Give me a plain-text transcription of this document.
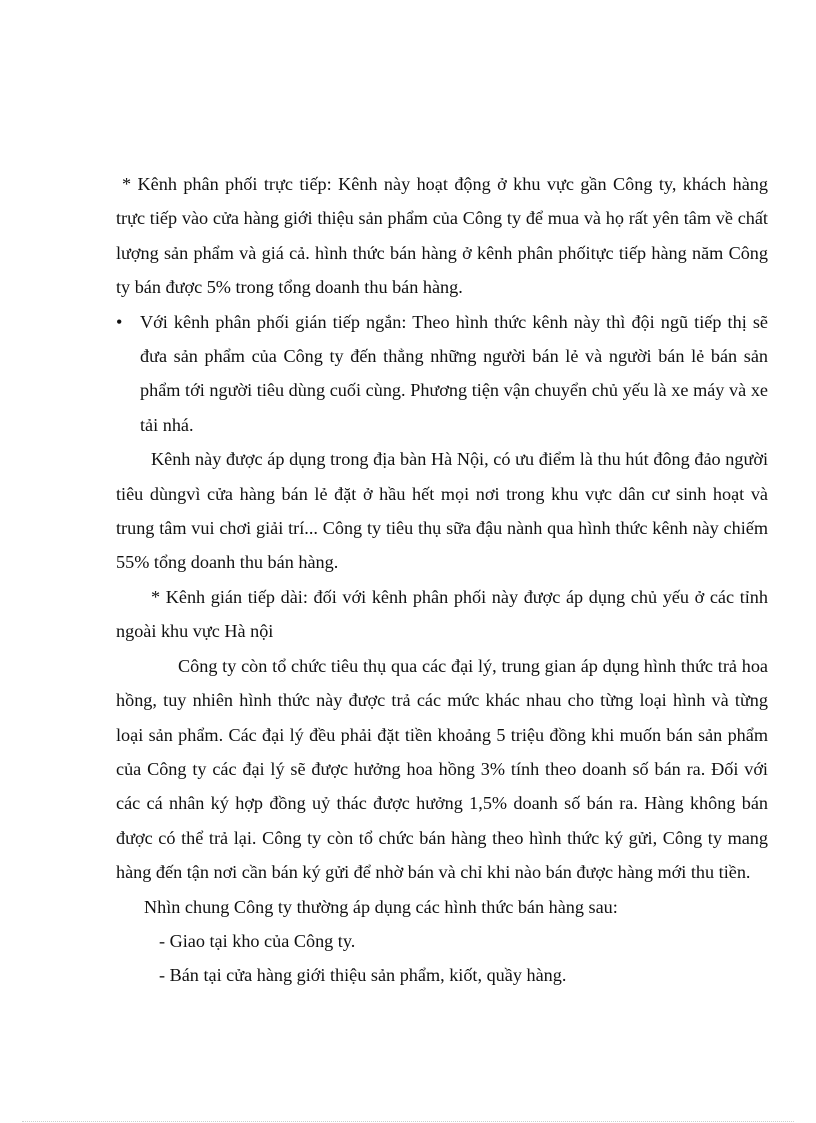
* Kênh phân phối trực tiếp: Kênh này hoạt động ở khu vực gần Công ty, khách hàng trực tiếp vào cửa hàng giới thiệu sản phẩm của Công ty để mua và họ rất yên tâm về chất lượng sản phẩm và giá cả. hình thức bán hàng ở kênh phân phốitực tiếp hàng năm Công ty bán được 5% trong tổng doanh thu bán hàng.

• Với kênh phân phối gián tiếp ngắn: Theo hình thức kênh này thì đội ngũ tiếp thị sẽ đưa sản phẩm của Công ty đến thẳng những người bán lẻ và người bán lẻ bán sản phẩm tới người tiêu dùng cuối cùng. Phương tiện vận chuyển chủ yếu là xe máy và xe tải nhá.

Kênh này được áp dụng trong địa bàn Hà Nội, có ưu điểm là thu hút đông đảo người tiêu dùngvì cửa hàng bán lẻ đặt ở hầu hết mọi nơi trong khu vực dân cư sinh hoạt và trung tâm vui chơi giải trí... Công ty tiêu thụ sữa đậu nành qua hình thức kênh này chiếm 55% tổng doanh thu bán hàng.

* Kênh gián tiếp dài: đối với kênh phân phối này được áp dụng chủ yếu ở các tỉnh ngoài khu vực Hà nội

Công ty còn tổ chức tiêu thụ qua các đại lý, trung gian áp dụng hình thức trả hoa hồng, tuy nhiên hình thức này được trả các mức khác nhau cho từng loại hình và từng loại sản phẩm. Các đại lý đều phải đặt tiền khoảng 5 triệu đồng khi muốn bán sản phẩm của Công ty các đại lý sẽ được hưởng hoa hồng 3% tính theo doanh số bán ra. Đối với các cá nhân ký hợp đồng uỷ thác được hưởng 1,5% doanh số bán ra. Hàng không bán được có thể trả lại. Công ty còn tổ chức bán hàng theo hình thức ký gửi, Công ty mang hàng đến tận nơi cần bán ký gửi để nhờ bán và chỉ khi nào bán được hàng mới thu tiền.

Nhìn chung Công ty thường áp dụng các hình thức bán hàng sau:

- Giao tại kho của Công ty.

- Bán tại cửa hàng giới thiệu sản phẩm, kiốt, quầy hàng.
